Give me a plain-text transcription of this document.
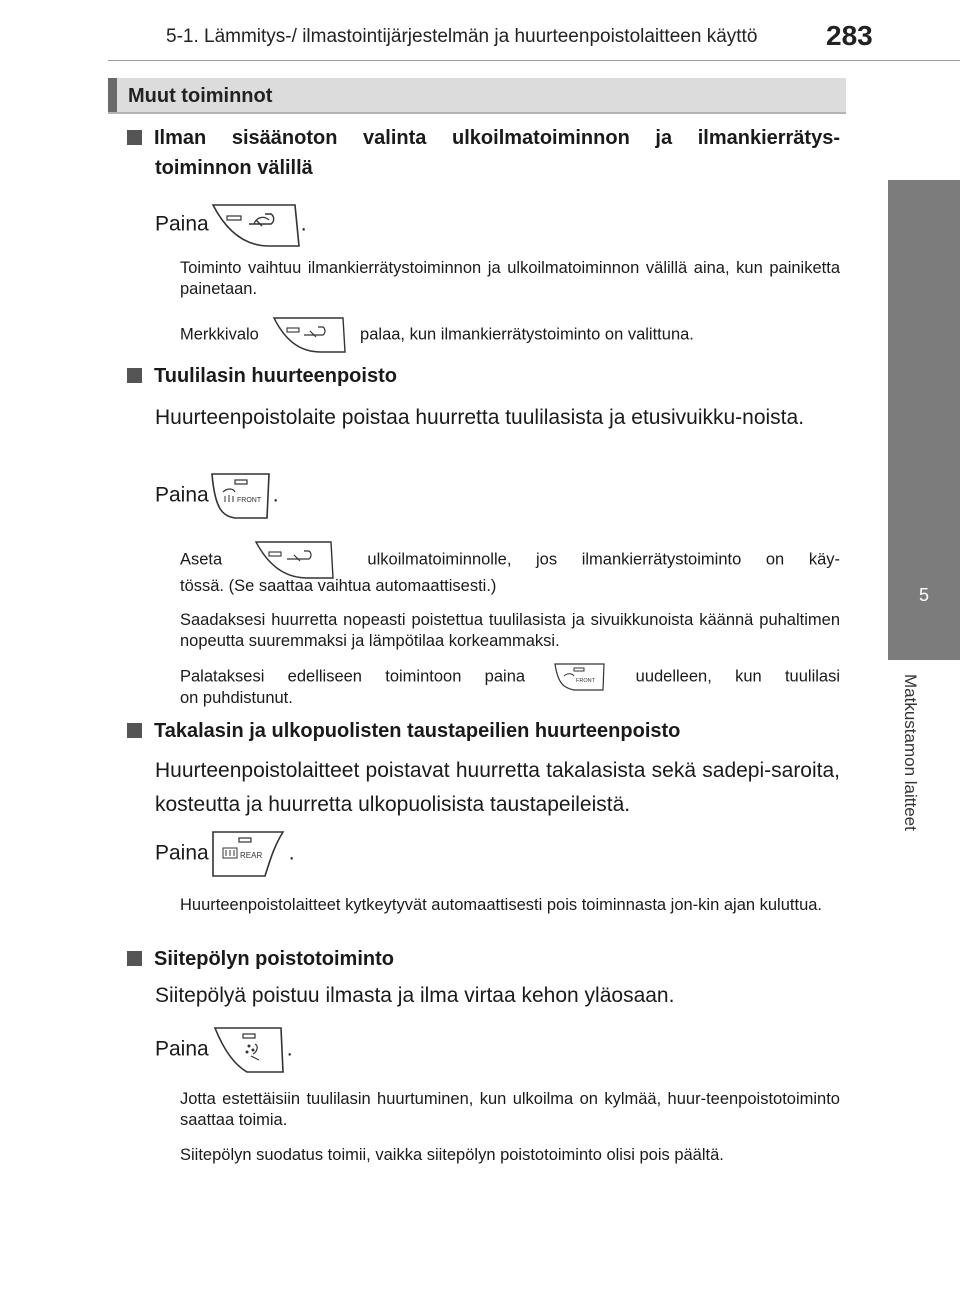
5-1. Lämmitys-/ ilmastointijärjestelmän ja huurteenpoistolaitteen käyttö 283
5
Matkustamon laitteet
Muut toiminnot
Ilman sisäänoton valinta ulkoilmatoiminnon ja ilmankierrätys-
toiminnon välillä
Paina	.
Toiminto vaihtuu ilmankierrätystoiminnon ja ulkoilmatoiminnon välillä aina, kun painiketta painetaan.
Merkkivalo	palaa, kun ilmankierrätystoiminto on valittuna.
Tuulilasin huurteenpoisto
Huurteenpoistolaite poistaa huurretta tuulilasista ja etusivuikku-noista.
Paina	FRONT .
Aseta	ulkoilmatoiminnolle, jos ilmankierrätystoiminto on käy-
tössä. (Se saattaa vaihtua automaattisesti.)
Saadaksesi huurretta nopeasti poistettua tuulilasista ja sivuikkunoista käännä puhaltimen nopeutta suuremmaksi ja lämpötilaa korkeammaksi.
Palataksesi edelliseen toimintoon paina	FRONT uudelleen, kun tuulilasi
on puhdistunut.
Takalasin ja ulkopuolisten taustapeilien huurteenpoisto
Huurteenpoistolaitteet poistavat huurretta takalasista sekä sadepi-saroita, kosteutta ja huurretta ulkopuolisista taustapeileistä.
Paina	REAR .
Huurteenpoistolaitteet kytkeytyvät automaattisesti pois toiminnasta jon-kin ajan kuluttua.
Siitepölyn poistotoiminto
Siitepölyä poistuu ilmasta ja ilma virtaa kehon yläosaan.
Paina	.
Jotta estettäisiin tuulilasin huurtuminen, kun ulkoilma on kylmää, huur-teenpoistotoiminto saattaa toimia.
Siitepölyn suodatus toimii, vaikka siitepölyn poistotoiminto olisi pois päältä.
